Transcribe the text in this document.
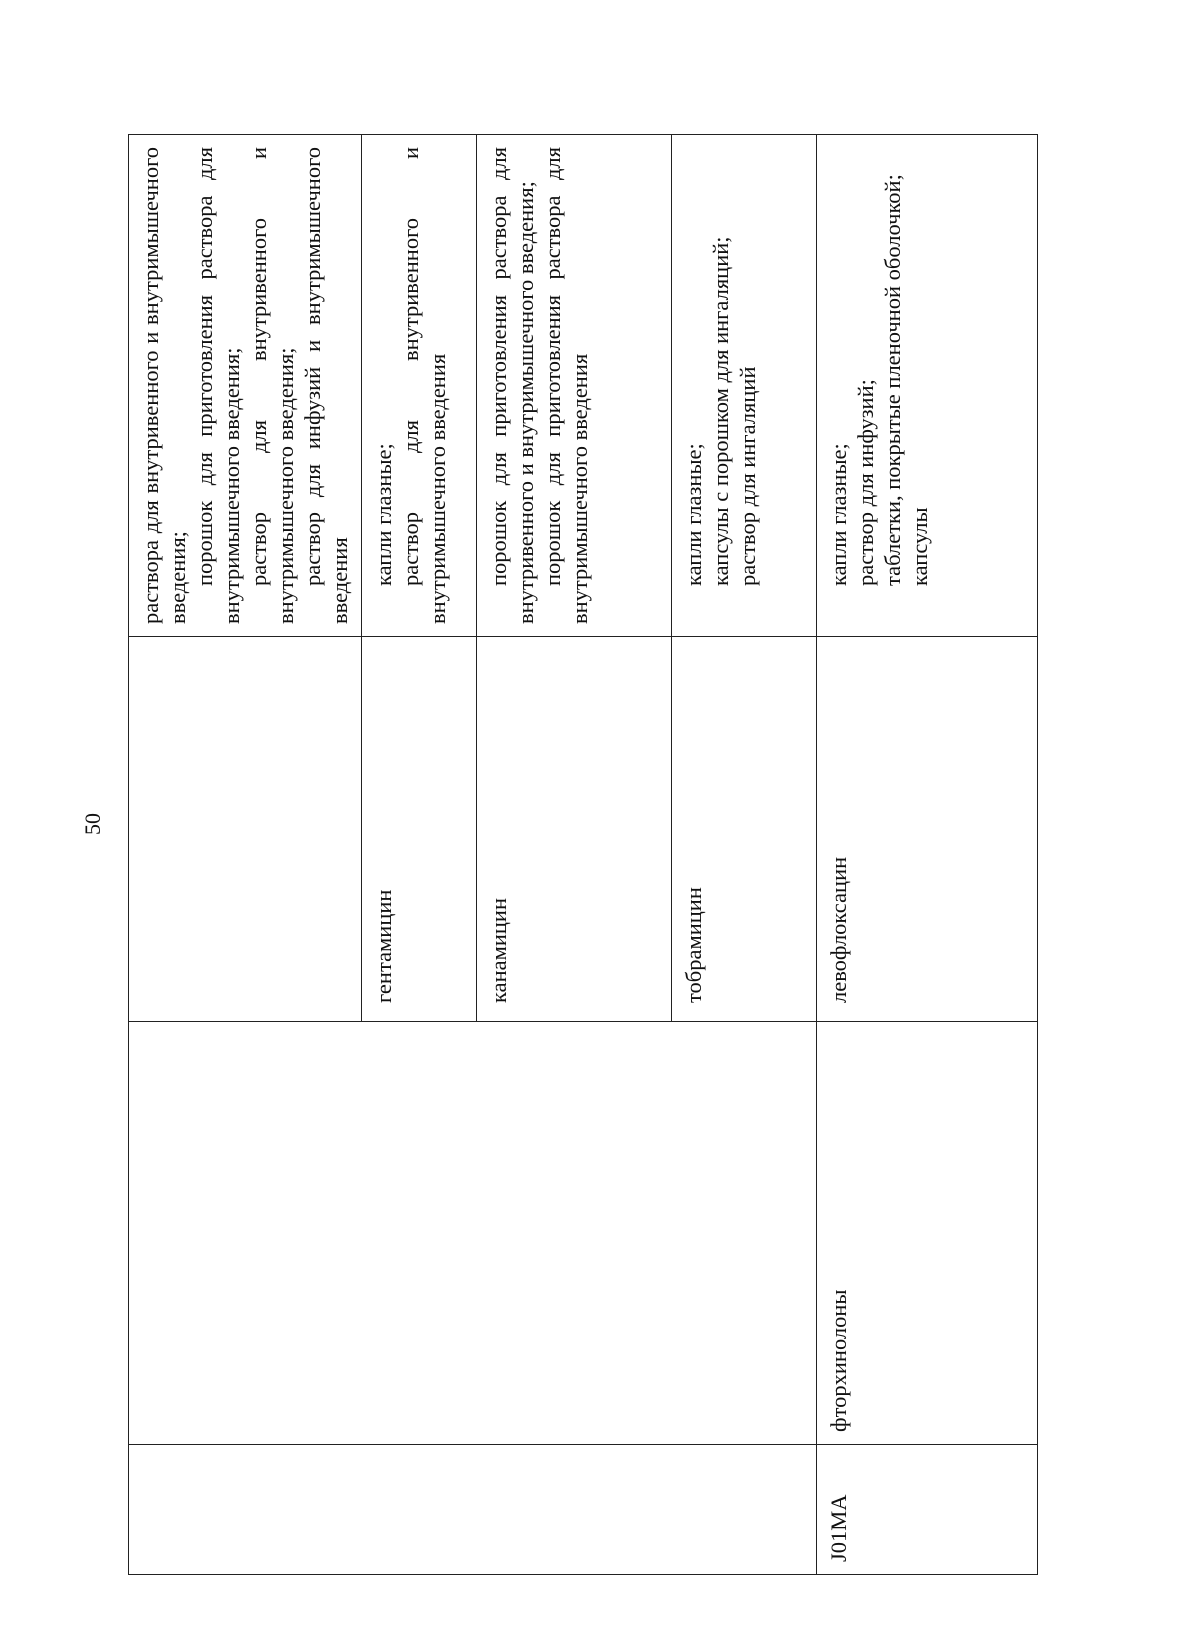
50

			раствора для внутривенного и внутримышечного введения; порошок для приготовления раствора для внутримышечного введения; раствор для внутривенного и внутримышечного введения; раствор для инфузий и внутримышечного введения

		гентамицин	капли глазные; раствор для внутривенного и внутримышечного введения

		канамицин	порошок для приготовления раствора для внутривенного и внутримышечного введения; порошок для приготовления раствора для внутримышечного введения

		тобрамицин	капли глазные; капсулы с порошком для ингаляций; раствор для ингаляций

J01MA	фторхинолоны	левофлоксацин	капли глазные; раствор для инфузий; таблетки, покрытые пленочной оболочкой; капсулы
